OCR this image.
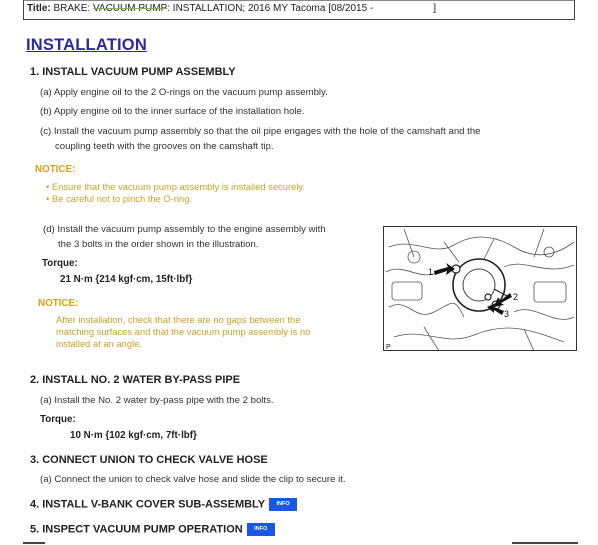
Title: BRAKE: VACUUM PUMP: INSTALLATION; 2016 MY Tacoma [08/2015 -	]
INSTALLATION
1. INSTALL VACUUM PUMP ASSEMBLY
(a) Apply engine oil to the 2 O-rings on the vacuum pump assembly.
(b) Apply engine oil to the inner surface of the installation hole.
(c) Install the vacuum pump assembly so that the oil pipe engages with the hole of the camshaft and the
coupling teeth with the grooves on the camshaft tip.
NOTICE:
• Ensure that the vacuum pump assembly is installed securely.
• Be careful not to pinch the O-ring.
(d) Install the vacuum pump assembly to the engine assembly with
the 3 bolts in the order shown in the illustration.
Torque:
21 N·m {214 kgf·cm, 15ft·lbf}
NOTICE:
After installation, check that there are no gaps between the
matching surfaces and that the vacuum pump assembly is no
installed at an angle.
1
2
3
P
2. INSTALL NO. 2 WATER BY-PASS PIPE
(a) Install the No. 2 water by-pass pipe with the 2 bolts.
Torque:
10 N·m {102 kgf·cm, 7ft·lbf}
3. CONNECT UNION TO CHECK VALVE HOSE
(a) Connect the union to check valve hose and slide the clip to secure it.
4. INSTALL V-BANK COVER SUB-ASSEMBLY INFO
5. INSPECT VACUUM PUMP OPERATION INFO
